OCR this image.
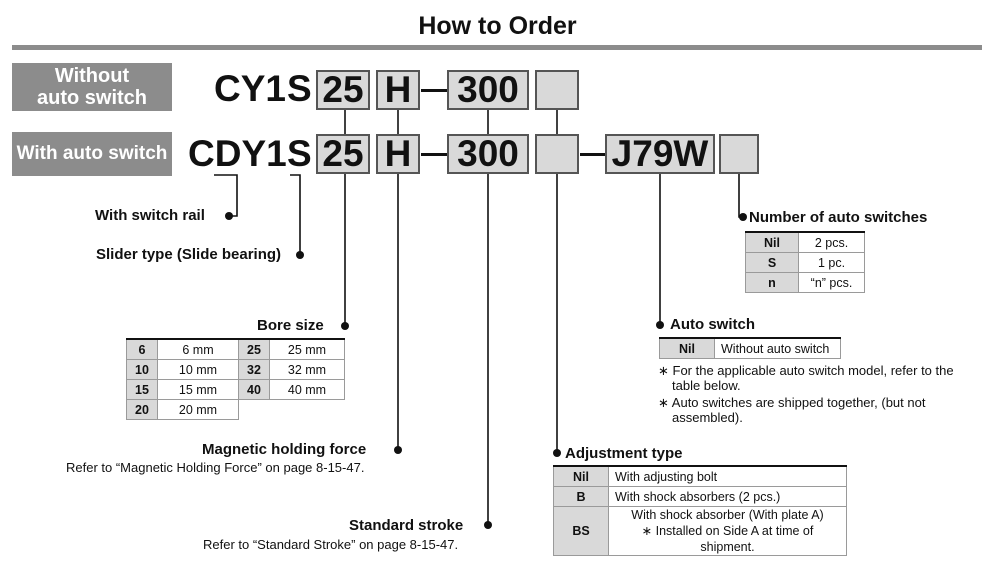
How to Order
Without
auto switch
With auto switch
CY1 S 25 H 300
CDY1 S 25 H 300	J79W
With switch rail
Slider type (Slide bearing)
Bore size
6	6 mm	25	25 mm
10	10 mm	32	32 mm
15	15 mm	40	40 mm
20	20 mm		
Magnetic holding force
Refer to “Magnetic Holding Force” on page 8-15-47.
Standard stroke
Refer to “Standard Stroke” on page 8-15-47.
Number of auto switches
Nil	2 pcs.
S	1 pc.
n	“n” pcs.
Auto switch
Nil	Without auto switch
∗ For the applicable auto switch model, refer to the
table below.
∗ Auto switches are shipped together, (but not
assembled).
Adjustment type
Nil	With adjusting bolt
B	With shock absorbers (2 pcs.)
BS	With shock absorber (With plate A)
∗ Installed on Side A at time of shipment.
